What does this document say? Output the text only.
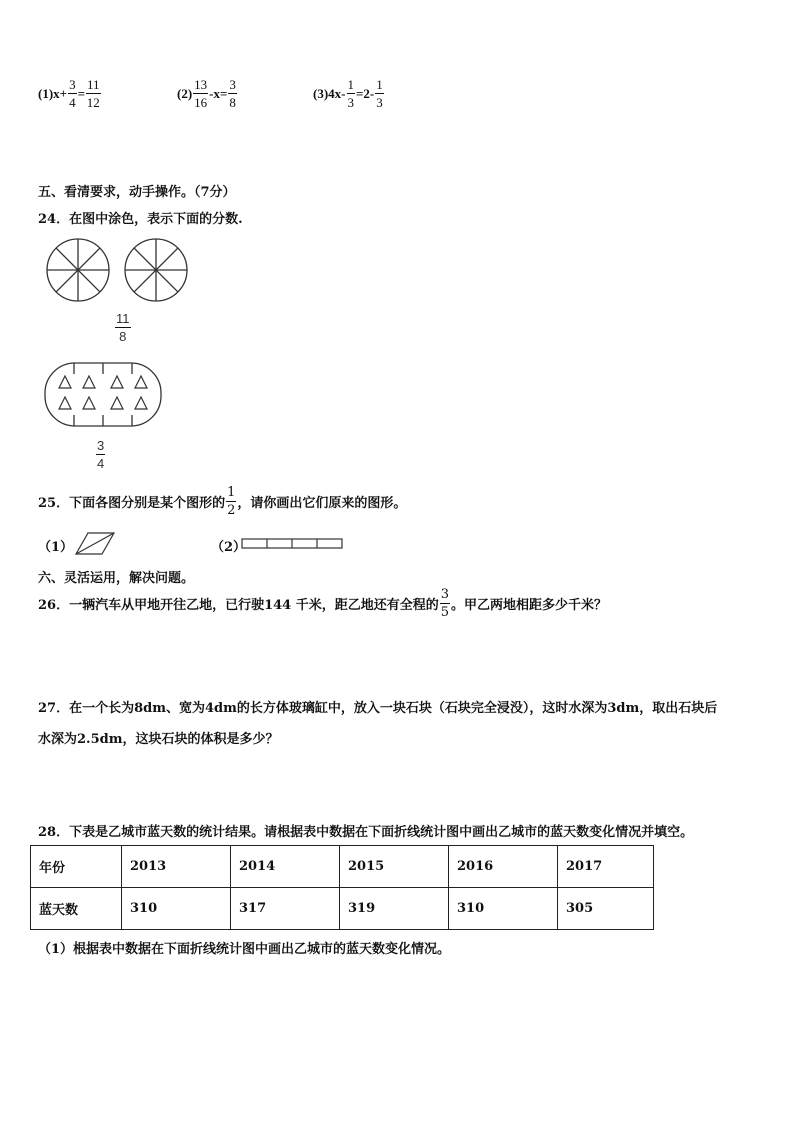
$(1)x+ \frac{3}{4} = \frac{11}{12}$	$(2) \frac{13}{16} -x= \frac{3}{8}$	$(3)4x- \frac{1}{3} =2- \frac{1}{3}$
五、看清要求，动手操作。（7分）
24．在图中涂色，表示下面的分数.
$\frac{11}{8}$
$\frac{3}{4}$
25．下面各图分别是某个图形的 $\frac{1}{2}$ ，请你画出它们原来的图形。
（1）	（2）
六、灵活运用，解决问题。
26．一辆汽车从甲地开往乙地，已行驶144 千米，距乙地还有全程的 $\frac{3}{5}$ 。甲乙两地相距多少千米？
27．在一个长为8dm、宽为4dm的长方体玻璃缸中，放入一块石块（石块完全浸没），这时水深为3dm，取出石块后
水深为2.5dm，这块石块的体积是多少？
28．下表是乙城市蓝天数的统计结果。请根据表中数据在下面折线统计图中画出乙城市的蓝天数变化情况并填空。
年份	2013	2014	2015	2016	2017
蓝天数	310	317	319	310	305
（1）根据表中数据在下面折线统计图中画出乙城市的蓝天数变化情况。
